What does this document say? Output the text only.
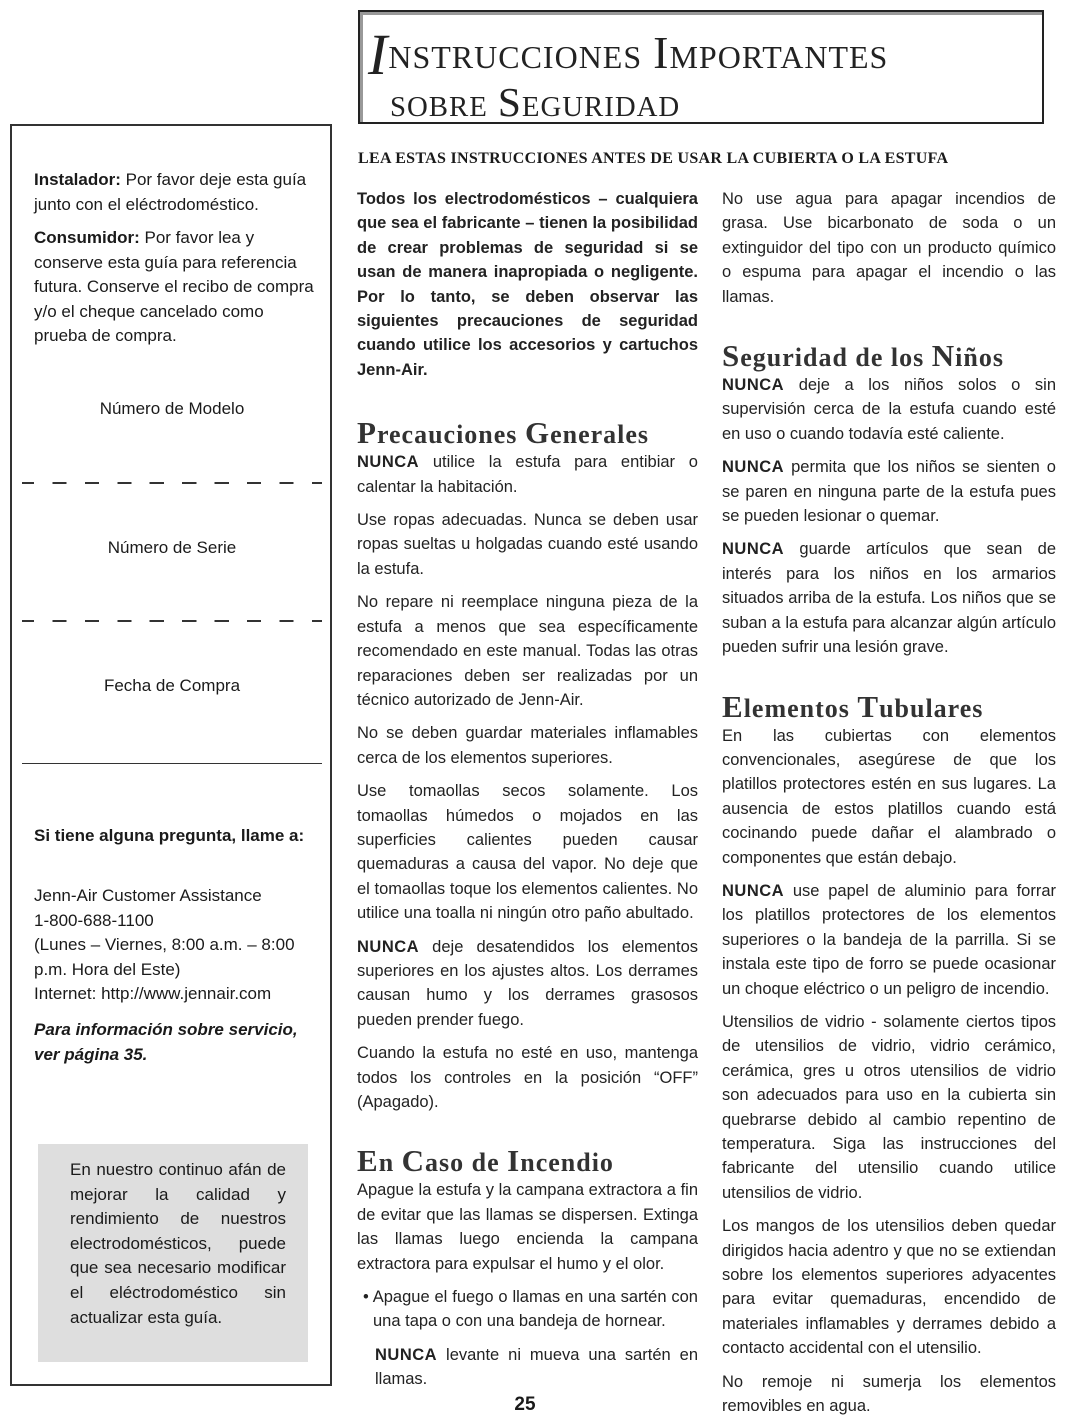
INSTRUCCIONES IMPORTANTES
SOBRE SEGURIDAD

Instalador: Por favor deje esta guía junto con el eléctrodoméstico.

Consumidor: Por favor lea y conserve esta guía para referencia futura. Conserve el recibo de compra y/o el cheque cancelado como prueba de compra.

Número de Modelo
Número de Serie
Fecha de Compra

Si tiene alguna pregunta, llame a:

Jenn-Air Customer Assistance
1-800-688-1100
(Lunes – Viernes, 8:00 a.m. – 8:00 p.m. Hora del Este)
Internet: http://www.jennair.com

Para información sobre servicio, ver página 35.

En nuestro continuo afán de mejorar la calidad y rendimiento de nuestros electrodomésticos, puede que sea necesario modificar el eléctrodoméstico sin actualizar esta guía.

LEA ESTAS INSTRUCCIONES ANTES DE USAR LA CUBIERTA O LA ESTUFA

Todos los electrodomésticos – cualquiera que sea el fabricante – tienen la posibilidad de crear problemas de seguridad si se usan de manera inapropiada o negligente. Por lo tanto, se deben observar las siguientes precauciones de seguridad cuando utilice los accesorios y cartuchos Jenn-Air.

Precauciones Generales

NUNCA utilice la estufa para entibiar o calentar la habitación.

Use ropas adecuadas. Nunca se deben usar ropas sueltas u holgadas cuando esté usando la estufa.

No repare ni reemplace ninguna pieza de la estufa a menos que sea específicamente recomendado en este manual. Todas las otras reparaciones deben ser realizadas por un técnico autorizado de Jenn-Air.

No se deben guardar materiales inflamables cerca de los elementos superiores.

Use tomaollas secos solamente. Los tomaollas húmedos o mojados en las superficies calientes pueden causar quemaduras a causa del vapor. No deje que el tomaollas toque los elementos calientes. No utilice una toalla ni ningún otro paño abultado.

NUNCA deje desatendidos los elementos superiores en los ajustes altos. Los derrames causan humo y los derrames grasosos pueden prender fuego.

Cuando la estufa no esté en uso, mantenga todos los controles en la posición “OFF” (Apagado).

En Caso de Incendio

Apague la estufa y la campana extractora a fin de evitar que las llamas se dispersen. Extinga las llamas luego encienda la campana extractora para expulsar el humo y el olor.

• Apague el fuego o llamas en una sartén con una tapa o con una bandeja de hornear.

NUNCA levante ni mueva una sartén en llamas.

No use agua para apagar incendios de grasa. Use bicarbonato de soda o un extinguidor del tipo con un producto químico o espuma para apagar el incendio o las llamas.

Seguridad de los Niños

NUNCA deje a los niños solos o sin supervisión cerca de la estufa cuando esté en uso o cuando todavía esté caliente.

NUNCA permita que los niños se sienten o se paren en ninguna parte de la estufa pues se pueden lesionar o quemar.

NUNCA guarde artículos que sean de interés para los niños en los armarios situados arriba de la estufa. Los niños que se suban a la estufa para alcanzar algún artículo pueden sufrir una lesión grave.

Elementos Tubulares

En las cubiertas con elementos convencionales, asegúrese de que los platillos protectores estén en sus lugares. La ausencia de estos platillos cuando está cocinando puede dañar el alambrado o componentes que están debajo.

NUNCA use papel de aluminio para forrar los platillos protectores de los elementos superiores o la bandeja de la parrilla. Si se instala este tipo de forro se puede ocasionar un choque eléctrico o un peligro de incendio.

Utensilios de vidrio - solamente ciertos tipos de utensilios de vidrio, vidrio cerámico, cerámica, gres u otros utensilios de vidrio son adecuados para uso en la cubierta sin quebrarse debido al cambio repentino de temperatura. Siga las instrucciones del fabricante del utensilio cuando utilice utensilios de vidrio.

Los mangos de los utensilios deben quedar dirigidos hacia adentro y que no se extiendan sobre los elementos superiores adyacentes para evitar quemaduras, encendido de materiales inflamables y derrames debido a contacto accidental con el utensilio.

No remoje ni sumerja los elementos removibles en agua.

25
